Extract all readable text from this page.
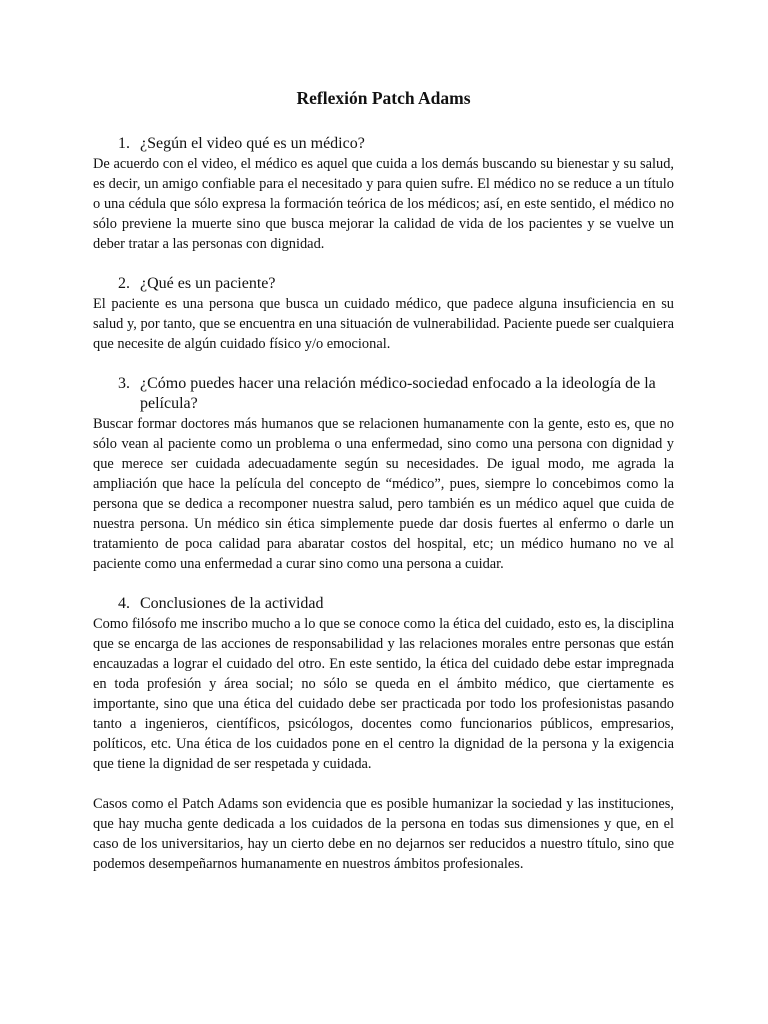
Reflexión Patch Adams
1. ¿Según el video qué es un médico?

De acuerdo con el video, el médico es aquel que cuida a los demás buscando su bienestar y su salud, es decir, un amigo confiable para el necesitado y para quien sufre. El médico no se reduce a un título o una cédula que sólo expresa la formación teórica de los médicos; así, en este sentido, el médico no sólo previene la muerte sino que busca mejorar la calidad de vida de los pacientes y se vuelve un deber tratar a las personas con dignidad.

2. ¿Qué es un paciente?

El paciente es una persona que busca un cuidado médico, que padece alguna insuficiencia en su salud y, por tanto, que se encuentra en una situación de vulnerabilidad. Paciente puede ser cualquiera que necesite de algún cuidado físico y/o emocional.

3. ¿Cómo puedes hacer una relación médico-sociedad enfocado a la ideología de la película?

Buscar formar doctores más humanos que se relacionen humanamente con la gente, esto es, que no sólo vean al paciente como un problema o una enfermedad, sino como una persona con dignidad y que merece ser cuidada adecuadamente según su necesidades. De igual modo, me agrada la ampliación que hace la película del concepto de “médico”, pues, siempre lo concebimos como la persona que se dedica a recomponer nuestra salud, pero también es un médico aquel que cuida de nuestra persona. Un médico sin ética simplemente puede dar dosis fuertes al enfermo o darle un tratamiento de poca calidad para abaratar costos del hospital, etc; un médico humano no ve al paciente como una enfermedad a curar sino como una persona a cuidar.

4. Conclusiones de la actividad

Como filósofo me inscribo mucho a lo que se conoce como la ética del cuidado, esto es, la disciplina que se encarga de las acciones de responsabilidad y las relaciones morales entre personas que están encauzadas a lograr el cuidado del otro. En este sentido, la ética del cuidado debe estar impregnada en toda profesión y área social; no sólo se queda en el ámbito médico, que ciertamente es importante, sino que una ética del cuidado debe ser practicada por todo los profesionistas pasando tanto a ingenieros, científicos, psicólogos, docentes como funcionarios públicos, empresarios, políticos, etc. Una ética de los cuidados pone en el centro la dignidad de la persona y la exigencia que tiene la dignidad de ser respetada y cuidada.

Casos como el Patch Adams son evidencia que es posible humanizar la sociedad y las instituciones, que hay mucha gente dedicada a los cuidados de la persona en todas sus dimensiones y que, en el caso de los universitarios, hay un cierto debe en no dejarnos ser reducidos a nuestro título, sino que podemos desempeñarnos humanamente en nuestros ámbitos profesionales.
